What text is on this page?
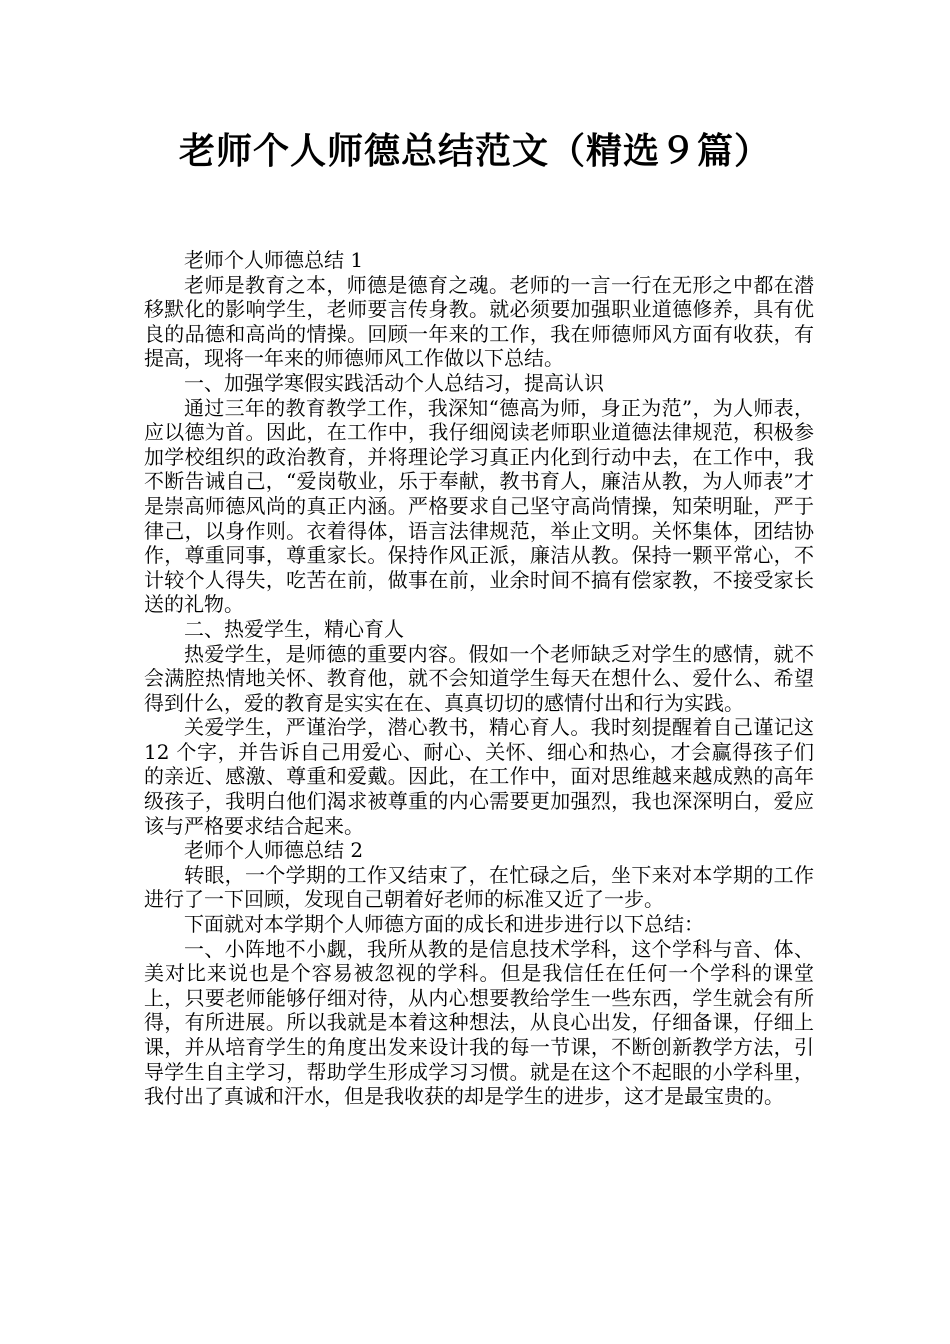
老师个人师德总结范文（精选９篇）

老师个人师德总结 1

老师是教育之本，师德是德育之魂。老师的一言一行在无形之中都在潜移默化的影响学生，老师要言传身教。就必须要加强职业道德修养，具有优良的品德和高尚的情操。回顾一年来的工作，我在师德师风方面有收获，有提高，现将一年来的师德师风工作做以下总结。

一、加强学寒假实践活动个人总结习，提高认识

通过三年的教育教学工作，我深知“德高为师，身正为范”，为人师表，应以德为首。因此，在工作中，我仔细阅读老师职业道德法律规范，积极参加学校组织的政治教育，并将理论学习真正内化到行动中去，在工作中，我不断告诫自己，“爱岗敬业，乐于奉献，教书育人，廉洁从教，为人师表”才是崇高师德风尚的真正内涵。严格要求自己坚守高尚情操，知荣明耻，严于律己，以身作则。衣着得体，语言法律规范，举止文明。关怀集体，团结协作，尊重同事，尊重家长。保持作风正派，廉洁从教。保持一颗平常心，不计较个人得失，吃苦在前，做事在前，业余时间不搞有偿家教，不接受家长送的礼物。

二、热爱学生，精心育人

热爱学生，是师德的重要内容。假如一个老师缺乏对学生的感情，就不会满腔热情地关怀、教育他，就不会知道学生每天在想什么、爱什么、希望得到什么，爱的教育是实实在在、真真切切的感情付出和行为实践。

关爱学生，严谨治学，潜心教书，精心育人。我时刻提醒着自己谨记这 12 个字，并告诉自己用爱心、耐心、关怀、细心和热心，才会赢得孩子们的亲近、感激、尊重和爱戴。因此，在工作中，面对思维越来越成熟的高年级孩子，我明白他们渴求被尊重的内心需要更加强烈，我也深深明白，爱应该与严格要求结合起来。

老师个人师德总结 2

转眼，一个学期的工作又结束了，在忙碌之后，坐下来对本学期的工作进行了一下回顾，发现自己朝着好老师的标准又近了一步。

下面就对本学期个人师德方面的成长和进步进行以下总结：

一、小阵地不小觑，我所从教的是信息技术学科，这个学科与音、体、美对比来说也是个容易被忽视的学科。但是我信任在任何一个学科的课堂上，只要老师能够仔细对待，从内心想要教给学生一些东西，学生就会有所得，有所进展。所以我就是本着这种想法，从良心出发，仔细备课，仔细上课，并从培育学生的角度出发来设计我的每一节课，不断创新教学方法，引导学生自主学习，帮助学生形成学习习惯。就是在这个不起眼的小学科里，我付出了真诚和汗水，但是我收获的却是学生的进步，这才是最宝贵的。
